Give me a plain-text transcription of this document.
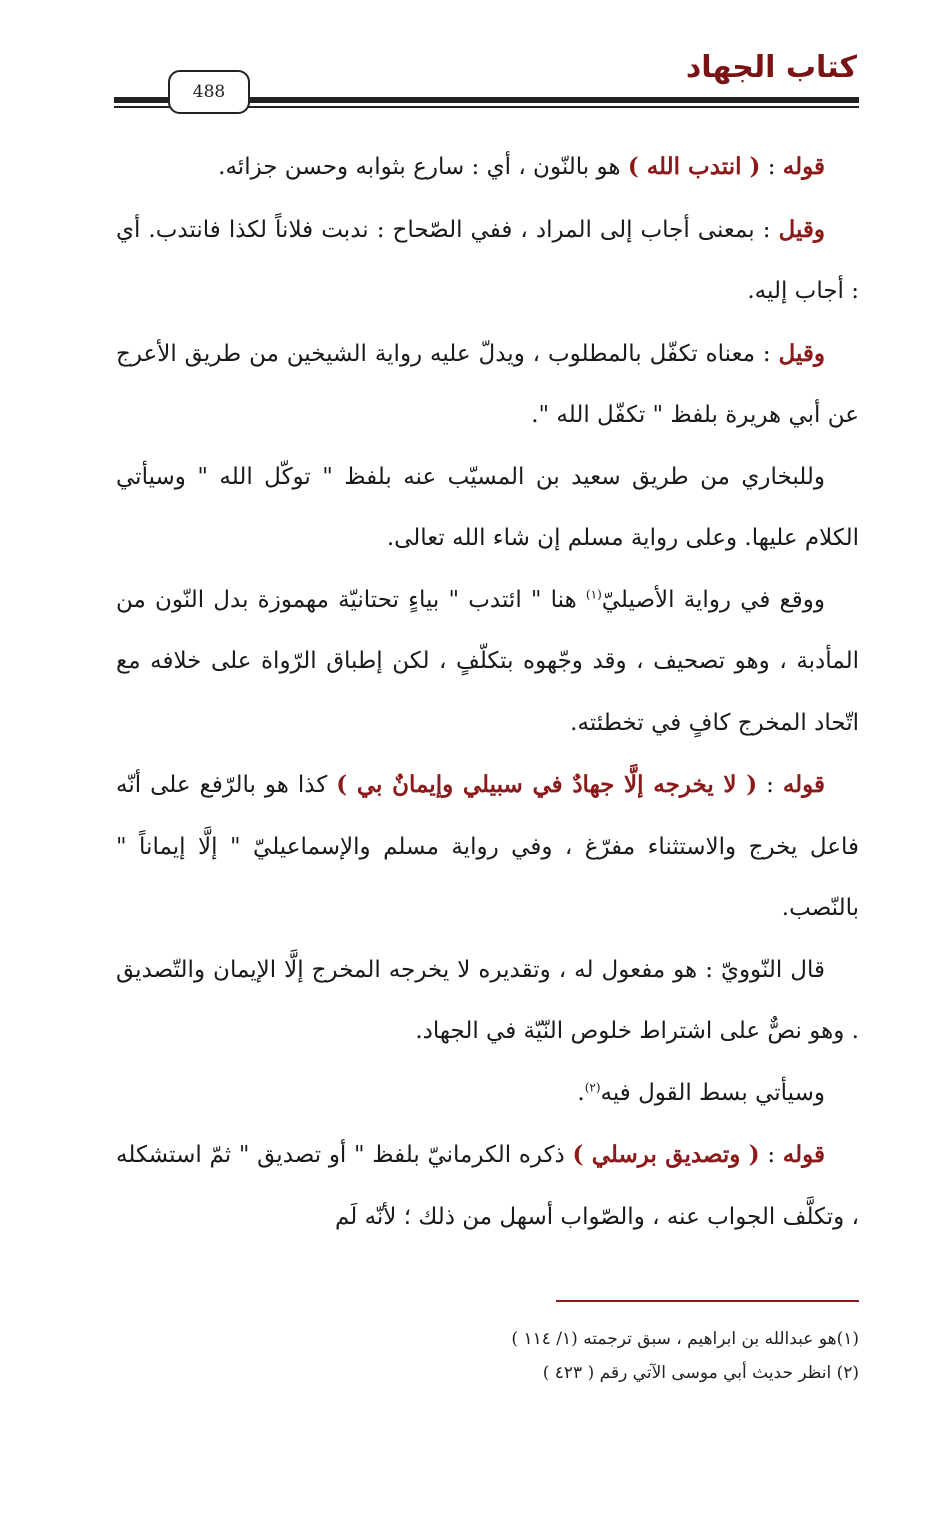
كتاب الجهاد
488

قوله : ( انتدب الله ) هو بالنّون ، أي : سارع بثوابه وحسن جزائه.

وقيل : بمعنى أجاب إلى المراد ، ففي الصّحاح : ندبت فلاناً لكذا فانتدب. أي : أجاب إليه.

وقيل : معناه تكفّل بالمطلوب ، ويدلّ عليه رواية الشيخين من طريق الأعرج عن أبي هريرة بلفظ " تكفّل الله ".

وللبخاري من طريق سعيد بن المسيّب عنه بلفظ " توكّل الله " وسيأتي الكلام عليها. وعلى رواية مسلم إن شاء الله تعالى.

ووقع في رواية الأصيليّ$^{(١)}$ هنا " ائتدب " بياءٍ تحتانيّة مهموزة بدل النّون من المأدبة ، وهو تصحيف ، وقد وجّهوه بتكلّفٍ ، لكن إطباق الرّواة على خلافه مع اتّحاد المخرج كافٍ في تخطئته.

قوله : ( لا يخرجه إلَّا جهادٌ في سبيلي وإيمانٌ بي ) كذا هو بالرّفع على أنّه فاعل يخرج والاستثناء مفرّغ ، وفي رواية مسلم والإسماعيليّ " إلَّا إيماناً " بالنّصب.

قال النّوويّ : هو مفعول له ، وتقديره لا يخرجه المخرج إلَّا الإيمان والتّصديق . وهو نصٌّ على اشتراط خلوص النّيّة في الجهاد.

وسيأتي بسط القول فيه$^{(٢)}$.

قوله : ( وتصديق برسلي ) ذكره الكرمانيّ بلفظ " أو تصديق " ثمّ استشكله ، وتكلَّف الجواب عنه ، والصّواب أسهل من ذلك ؛ لأنّه لَم

(١)هو عبدالله بن ابراهيم ، سبق ترجمته (١/ ١١٤ )
(٢) انظر حديث أبي موسى الآتي رقم ( ٤٢٣ )
